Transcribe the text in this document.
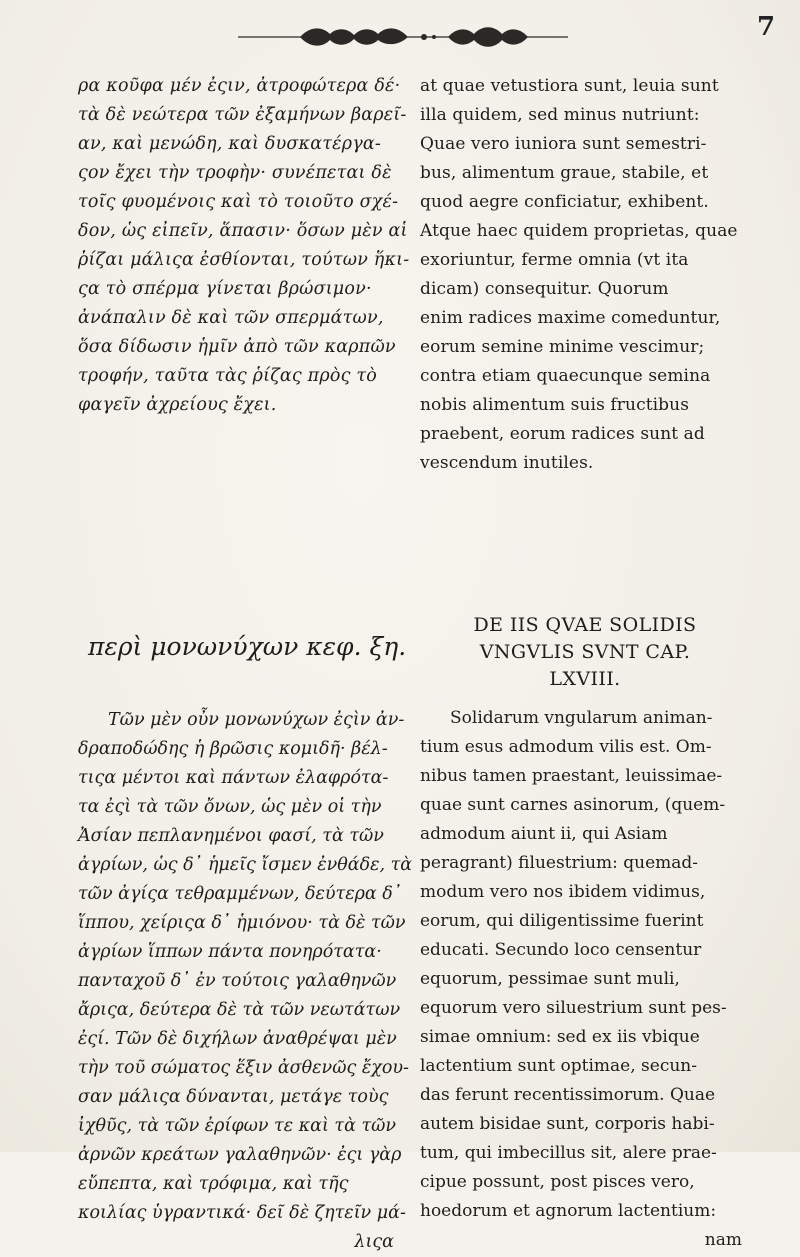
7
ρα κοῦφα μέν ἐςιν, ἀτροφώτερα δέ·
τὰ δὲ νεώτερα τῶν ἐξαμήνων βαρεῖ-
αν, καὶ μενώδη, καὶ δυσκατέργα-
ςον ἔχει τὴν τροφὴν· συνέπεται δὲ
τοῖς φυομένοις καὶ τὸ τοιοῦτο σχέ-
δον, ὡς εἰπεῖν, ἅπασιν· ὅσων μὲν αἱ
ῥίζαι μάλιςα ἐσθίονται, τούτων ἥκι-
ςα τὸ σπέρμα γίνεται βρώσιμον·
ἀνάπαλιν δὲ καὶ τῶν σπερμάτων,
ὅσα δίδωσιν ἡμῖν ἀπὸ τῶν καρπῶν
τροφήν, ταῦτα τὰς ῥίζας πρὸς τὸ
φαγεῖν ἀχρείους ἔχει.
at quae vetustiora sunt, leuia sunt
illa quidem, sed minus nutriunt:
Quae vero iuniora sunt semestri-
bus, alimentum graue, stabile, et
quod aegre conficiatur, exhibent.
Atque haec quidem proprietas, quae
exoriuntur, ferme omnia (vt ita
dicam) consequitur. Quorum
enim radices maxime comeduntur,
eorum semine minime vescimur;
contra etiam quaecunque semina
nobis alimentum suis fructibus
praebent, eorum radices sunt ad
vescendum inutiles.
περὶ μονωνύχων κεφ. ξη.
DE IIS QVAE SOLIDIS
VNGVLIS SVNT CAP.
LXVIII.
Τῶν μὲν οὖν μονωνύχων ἐςὶν ἀν-
δραποδώδης ἡ βρῶσις κομιδῆ· βέλ-
τιςα μέντοι καὶ πάντων ἐλαφρότα-
τα ἐςὶ τὰ τῶν ὄνων, ὡς μὲν οἱ τὴν
Ἀσίαν πεπλανημένοι φασί, τὰ τῶν
ἀγρίων, ὡς δ᾽ ἡμεῖς ἴσμεν ἐνθάδε, τὰ
τῶν ἀγίςα τεθραμμένων, δεύτερα δ᾽
ἵππου, χείριςα δ᾽ ἡμιόνου· τὰ δὲ τῶν
ἀγρίων ἵππων πάντα πονηρότατα·
πανταχοῦ δ᾽ ἐν τούτοις γαλαθηνῶν
ἄριςα, δεύτερα δὲ τὰ τῶν νεωτάτων
ἐςί. Τῶν δὲ διχήλων ἀναθρέψαι μὲν
τὴν τοῦ σώματος ἕξιν ἀσθενῶς ἔχου-
σαν μάλιςα δύνανται, μετάγε τοὺς
ἰχθῦς, τὰ τῶν ἐρίφων τε καὶ τὰ τῶν
ἀρνῶν κρεάτων γαλαθηνῶν· ἐςι γὰρ
εὔπεπτα, καὶ τρόφιμα, καὶ τῆς
κοιλίας ὑγραντικά· δεῖ δὲ ζητεῖν μά-
λιςα
Solidarum vngularum animan-
tium esus admodum vilis est. Om-
nibus tamen praestant, leuissimae-
quae sunt carnes asinorum, (quem-
admodum aiunt ii, qui Asiam
peragrant) filuestrium: quemad-
modum vero nos ibidem vidimus,
eorum, qui diligentissime fuerint
educati. Secundo loco censentur
equorum, pessimae sunt muli,
equorum vero siluestrium sunt pes-
simae omnium: sed ex iis vbique
lactentium sunt optimae, secun-
das ferunt recentissimorum. Quae
autem bisidae sunt, corporis habi-
tum, qui imbecillus sit, alere prae-
cipue possunt, post pisces vero,
hoedorum et agnorum lactentium:
nam
